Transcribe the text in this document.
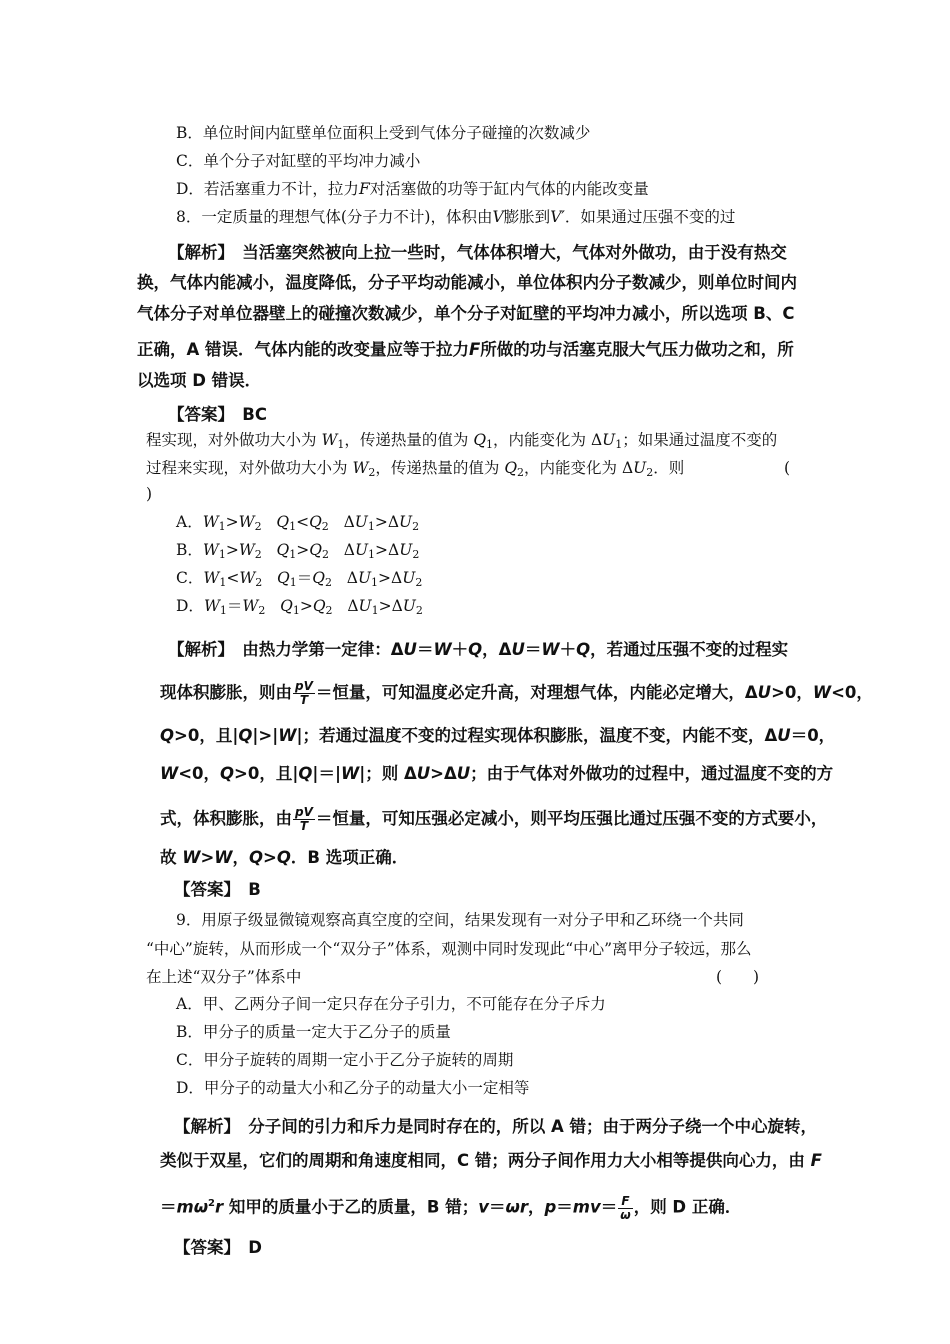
B．单位时间内缸壁单位面积上受到气体分子碰撞的次数减少
C．单个分子对缸壁的平均冲力减小
D．若活塞重力不计，拉力F对活塞做的功等于缸内气体的内能改变量
8．一定质量的理想气体(分子力不计)，体积由V膨胀到V′．如果通过压强不变的过
【解析】　 当活塞突然被向上拉一些时，气体体积增大，气体对外做功，由于没有热交
换，气体内能减小，温度降低，分子平均动能减小，单位体积内分子数减少，则单位时间内
气体分子对单位器壁上的碰撞次数减少，单个分子对缸壁的平均冲力减小，所以选项 B、C
正确，A 错误．气体内能的改变量应等于拉力F所做的功与活塞克服大气压力做功之和，所
以选项 D 错误．
【答案】　 BC
程实现，对外做功大小为 W1，传递热量的值为 Q1，内能变化为 ΔU1；如果通过温度不变的
过程来实现，对外做功大小为 W2，传递热量的值为 Q2，内能变化为 ΔU2．则	(
)
A．W1>W2 Q1<Q2 ΔU1>ΔU2
B．W1>W2 Q1>Q2 ΔU1>ΔU2
C．W1<W2 Q1＝Q2 ΔU1>ΔU2
D．W1＝W2 Q1>Q2 ΔU1>ΔU2
【解析】　 由热力学第一定律：ΔU＝W＋Q，ΔU＝W＋Q，若通过压强不变的过程实
现体积膨胀，则由 $\frac{pV}{T}$ ＝恒量，可知温度必定升高，对理想气体，内能必定增大，ΔU>0，W<0，
Q>0，且|Q|>|W|；若通过温度不变的过程实现体积膨胀，温度不变，内能不变，ΔU＝0，
W<0，Q>0，且|Q|＝|W|；则 ΔU>ΔU；由于气体对外做功的过程中，通过温度不变的方
式，体积膨胀，由 $\frac{pV}{T}$ ＝恒量，可知压强必定减小，则平均压强比通过压强不变的方式要小，
故 W>W，Q>Q．B 选项正确．
【答案】　 B
9．用原子级显微镜观察高真空度的空间，结果发现有一对分子甲和乙环绕一个共同
“中心”旋转，从而形成一个“双分子”体系，观测中同时发现此“中心”离甲分子较远，那么
在上述“双分子”体系中	(　　)
A．甲、乙两分子间一定只存在分子引力，不可能存在分子斥力
B．甲分子的质量一定大于乙分子的质量
C．甲分子旋转的周期一定小于乙分子旋转的周期
D．甲分子的动量大小和乙分子的动量大小一定相等
【解析】　 分子间的引力和斥力是同时存在的，所以 A 错；由于两分子绕一个中心旋转，
类似于双星，它们的周期和角速度相同，C 错；两分子间作用力大小相等提供向心力，由 F
$=m\omega^2r$ 知甲的质量小于乙的质量，B 错；v＝ωr，$p=mv= \frac{F}{\omega}$ ，则 D 正确．
【答案】　 D
